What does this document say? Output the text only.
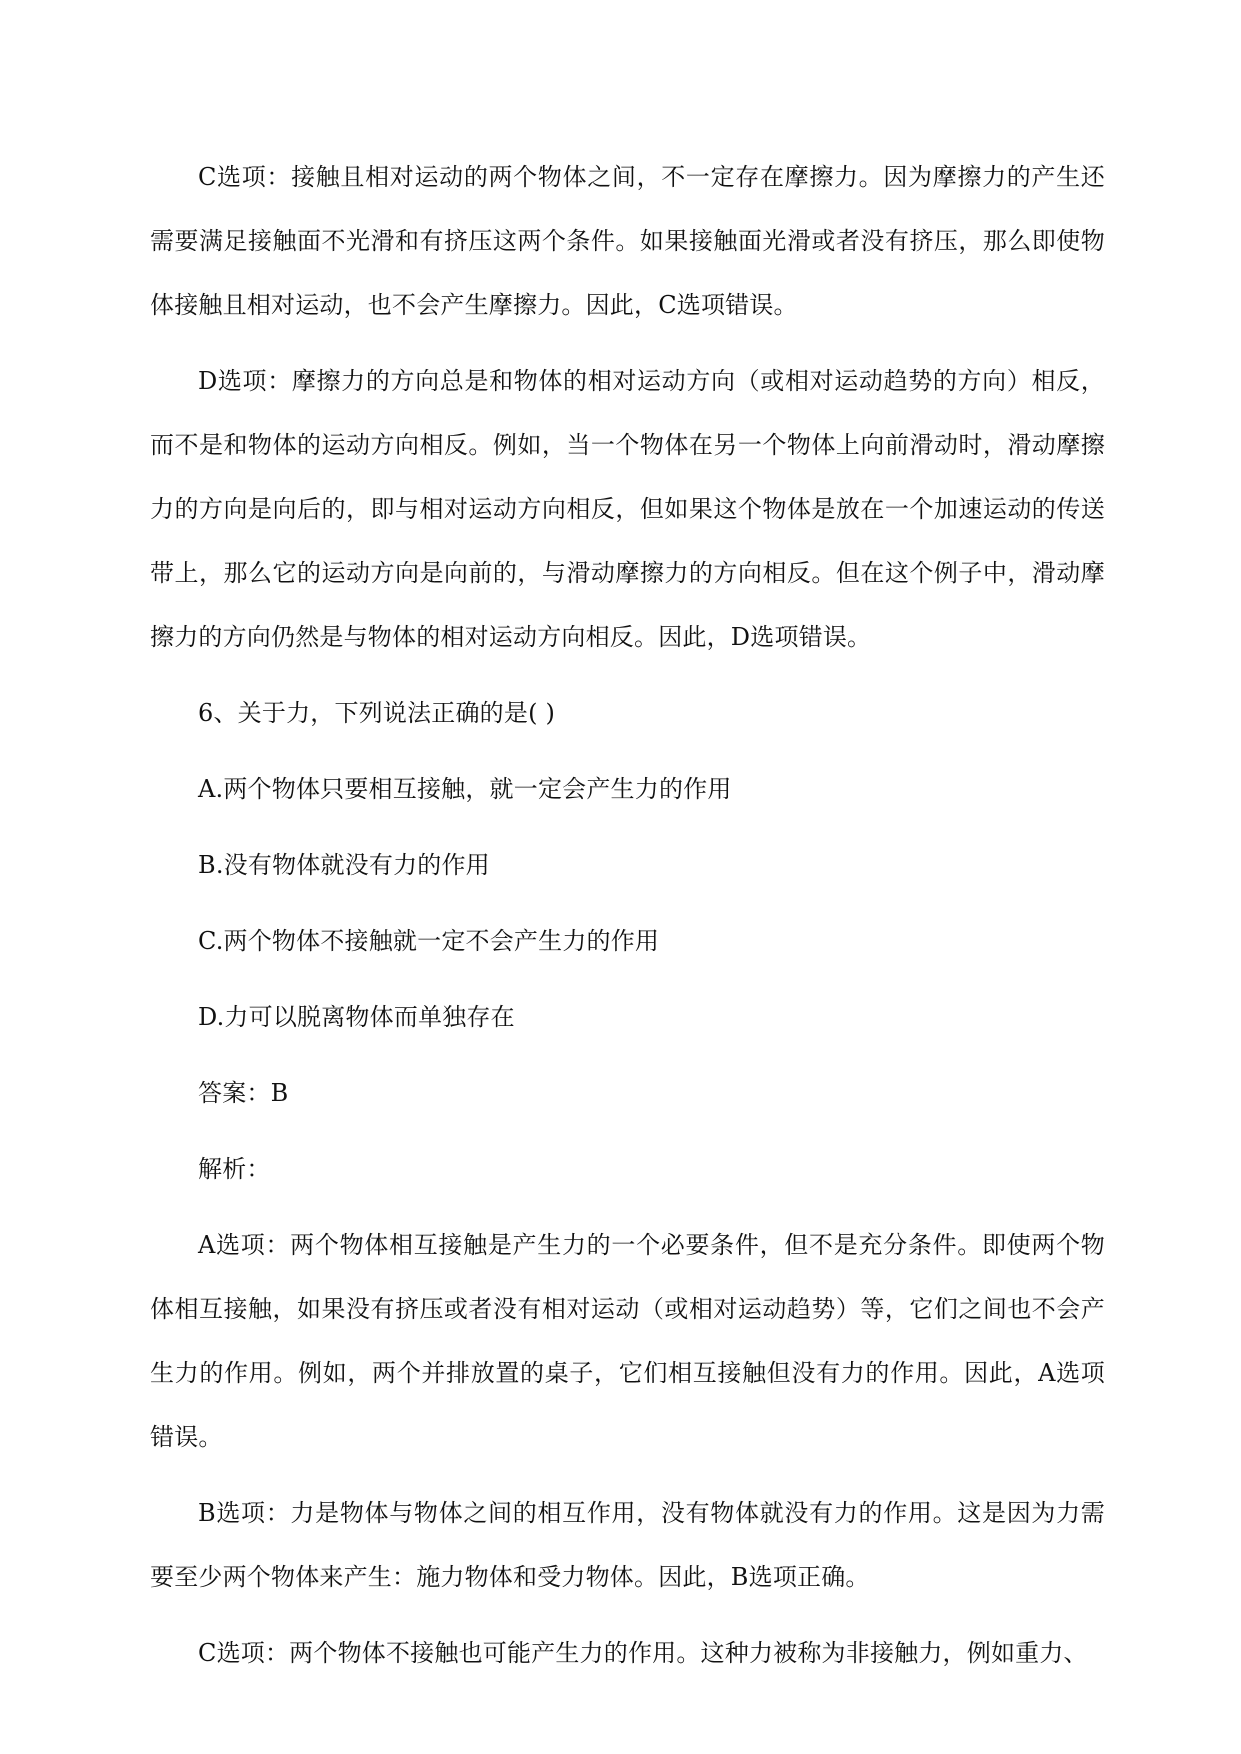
C选项：接触且相对运动的两个物体之间，不一定存在摩擦力。因为摩擦力的产生还需要满足接触面不光滑和有挤压这两个条件。如果接触面光滑或者没有挤压，那么即使物体接触且相对运动，也不会产生摩擦力。因此，C选项错误。

D选项：摩擦力的方向总是和物体的相对运动方向（或相对运动趋势的方向）相反，而不是和物体的运动方向相反。例如，当一个物体在另一个物体上向前滑动时，滑动摩擦力的方向是向后的，即与相对运动方向相反，但如果这个物体是放在一个加速运动的传送带上，那么它的运动方向是向前的，与滑动摩擦力的方向相反。但在这个例子中，滑动摩擦力的方向仍然是与物体的相对运动方向相反。因此，D选项错误。

6、关于力，下列说法正确的是( )

A.两个物体只要相互接触，就一定会产生力的作用

B.没有物体就没有力的作用

C.两个物体不接触就一定不会产生力的作用

D.力可以脱离物体而单独存在

答案：B

解析：

A选项：两个物体相互接触是产生力的一个必要条件，但不是充分条件。即使两个物体相互接触，如果没有挤压或者没有相对运动（或相对运动趋势）等，它们之间也不会产生力的作用。例如，两个并排放置的桌子，它们相互接触但没有力的作用。因此，A选项错误。

B选项：力是物体与物体之间的相互作用，没有物体就没有力的作用。这是因为力需要至少两个物体来产生：施力物体和受力物体。因此，B选项正确。

C选项：两个物体不接触也可能产生力的作用。这种力被称为非接触力，例如重力、
